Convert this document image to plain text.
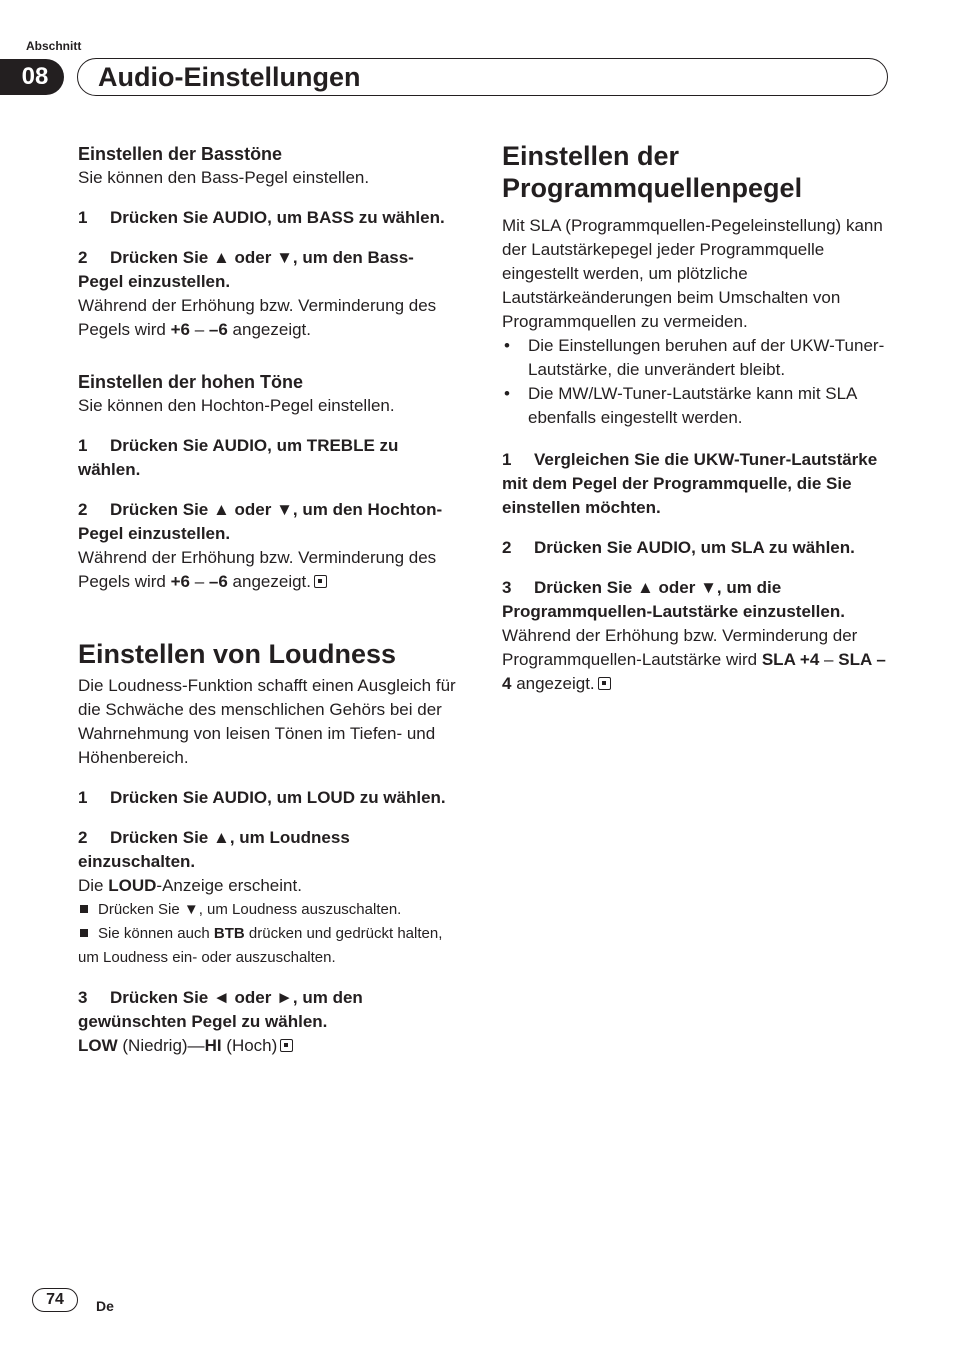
Abschnitt
08	Audio-Einstellungen
Einstellen der Basstöne

Sie können den Bass-Pegel einstellen.

1 Drücken Sie AUDIO, um BASS zu wählen.

2 Drücken Sie ▲ oder ▼, um den Bass-Pegel einzustellen.

Während der Erhöhung bzw. Verminderung des Pegels wird +6 – –6 angezeigt.

Einstellen der hohen Töne

Sie können den Hochton-Pegel einstellen.

1 Drücken Sie AUDIO, um TREBLE zu wählen.

2 Drücken Sie ▲ oder ▼, um den Hochton-Pegel einzustellen.

Während der Erhöhung bzw. Verminderung des Pegels wird +6 – –6 angezeigt.

Einstellen von Loudness

Die Loudness-Funktion schafft einen Ausgleich für die Schwäche des menschlichen Gehörs bei der Wahrnehmung von leisen Tönen im Tiefen- und Höhenbereich.

1 Drücken Sie AUDIO, um LOUD zu wählen.

2 Drücken Sie ▲, um Loudness einzuschalten.

Die LOUD-Anzeige erscheint.

Drücken Sie ▼, um Loudness auszuschalten.

Sie können auch BTB drücken und gedrückt halten, um Loudness ein- oder auszuschalten.

3 Drücken Sie ◄ oder ►, um den gewünschten Pegel zu wählen.

LOW (Niedrig)—HI (Hoch)

Einstellen der Programmquellenpegel

Mit SLA (Programmquellen-Pegeleinstellung) kann der Lautstärkepegel jeder Programmquelle eingestellt werden, um plötzliche Lautstärkeänderungen beim Umschalten von Programmquellen zu vermeiden.

• Die Einstellungen beruhen auf der UKW-Tuner-Lautstärke, die unverändert bleibt.

• Die MW/LW-Tuner-Lautstärke kann mit SLA ebenfalls eingestellt werden.

1 Vergleichen Sie die UKW-Tuner-Lautstärke mit dem Pegel der Programmquelle, die Sie einstellen möchten.

2 Drücken Sie AUDIO, um SLA zu wählen.

3 Drücken Sie ▲ oder ▼, um die Programmquellen-Lautstärke einzustellen.

Während der Erhöhung bzw. Verminderung der Programmquellen-Lautstärke wird SLA +4 – SLA –4 angezeigt.

74	De
